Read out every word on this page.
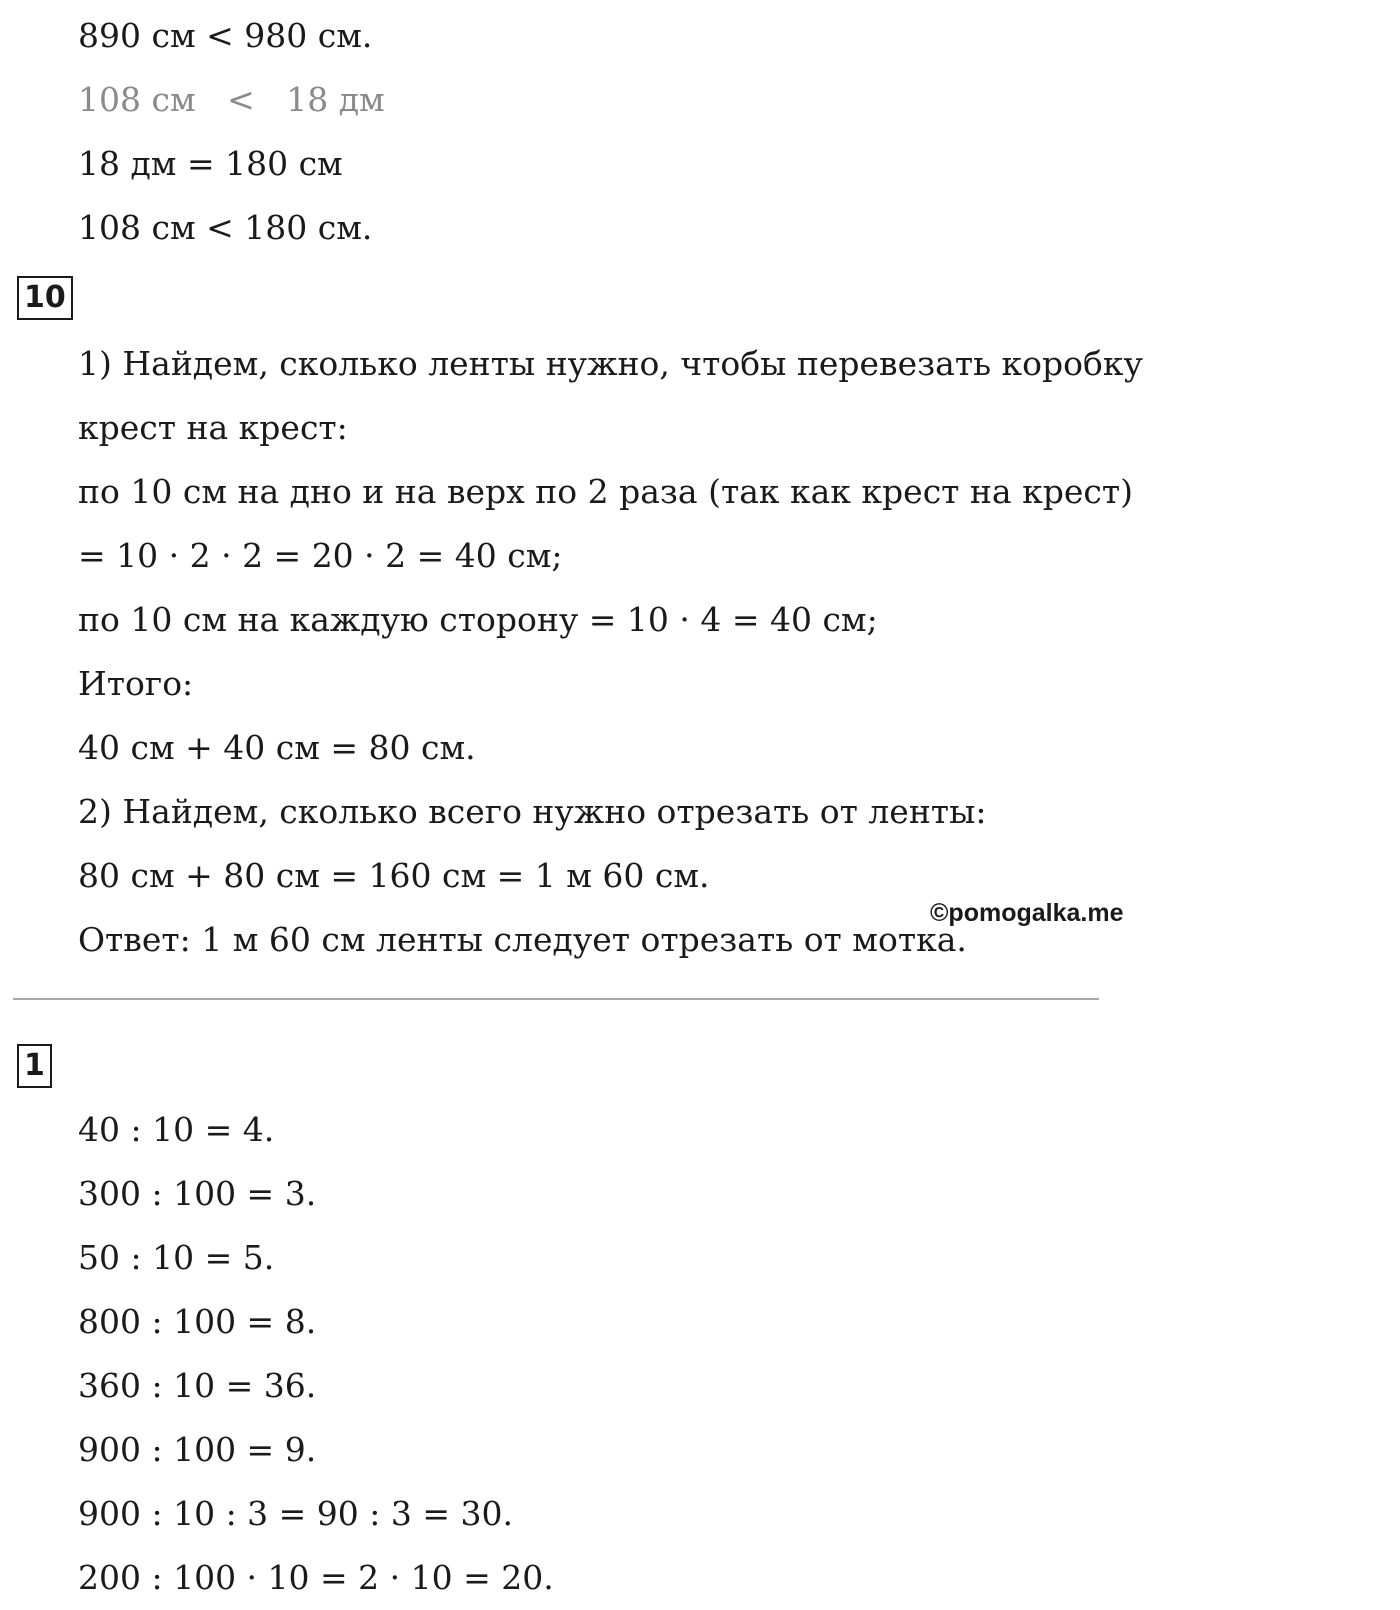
890 см < 980 см.
108 см   <   18 дм
18 дм = 180 см
108 см < 180 см.
10
1) Найдем, сколько ленты нужно, чтобы перевезать коробку
крест на крест:
по 10 см на дно и на верх по 2 раза (так как крест на крест)
= 10 · 2 · 2 = 20 · 2 = 40 см;
по 10 см на каждую сторону = 10 · 4 = 40 см;
Итого:
40 см + 40 см = 80 см.
2) Найдем, сколько всего нужно отрезать от ленты:
80 см + 80 см = 160 см = 1 м 60 см.
Ответ: 1 м 60 см ленты следует отрезать от мотка.
©pomogalka.me
1
40 : 10 = 4.
300 : 100 = 3.
50 : 10 = 5.
800 : 100 = 8.
360 : 10 = 36.
900 : 100 = 9.
900 : 10 : 3 = 90 : 3 = 30.
200 : 100 · 10 = 2 · 10 = 20.
